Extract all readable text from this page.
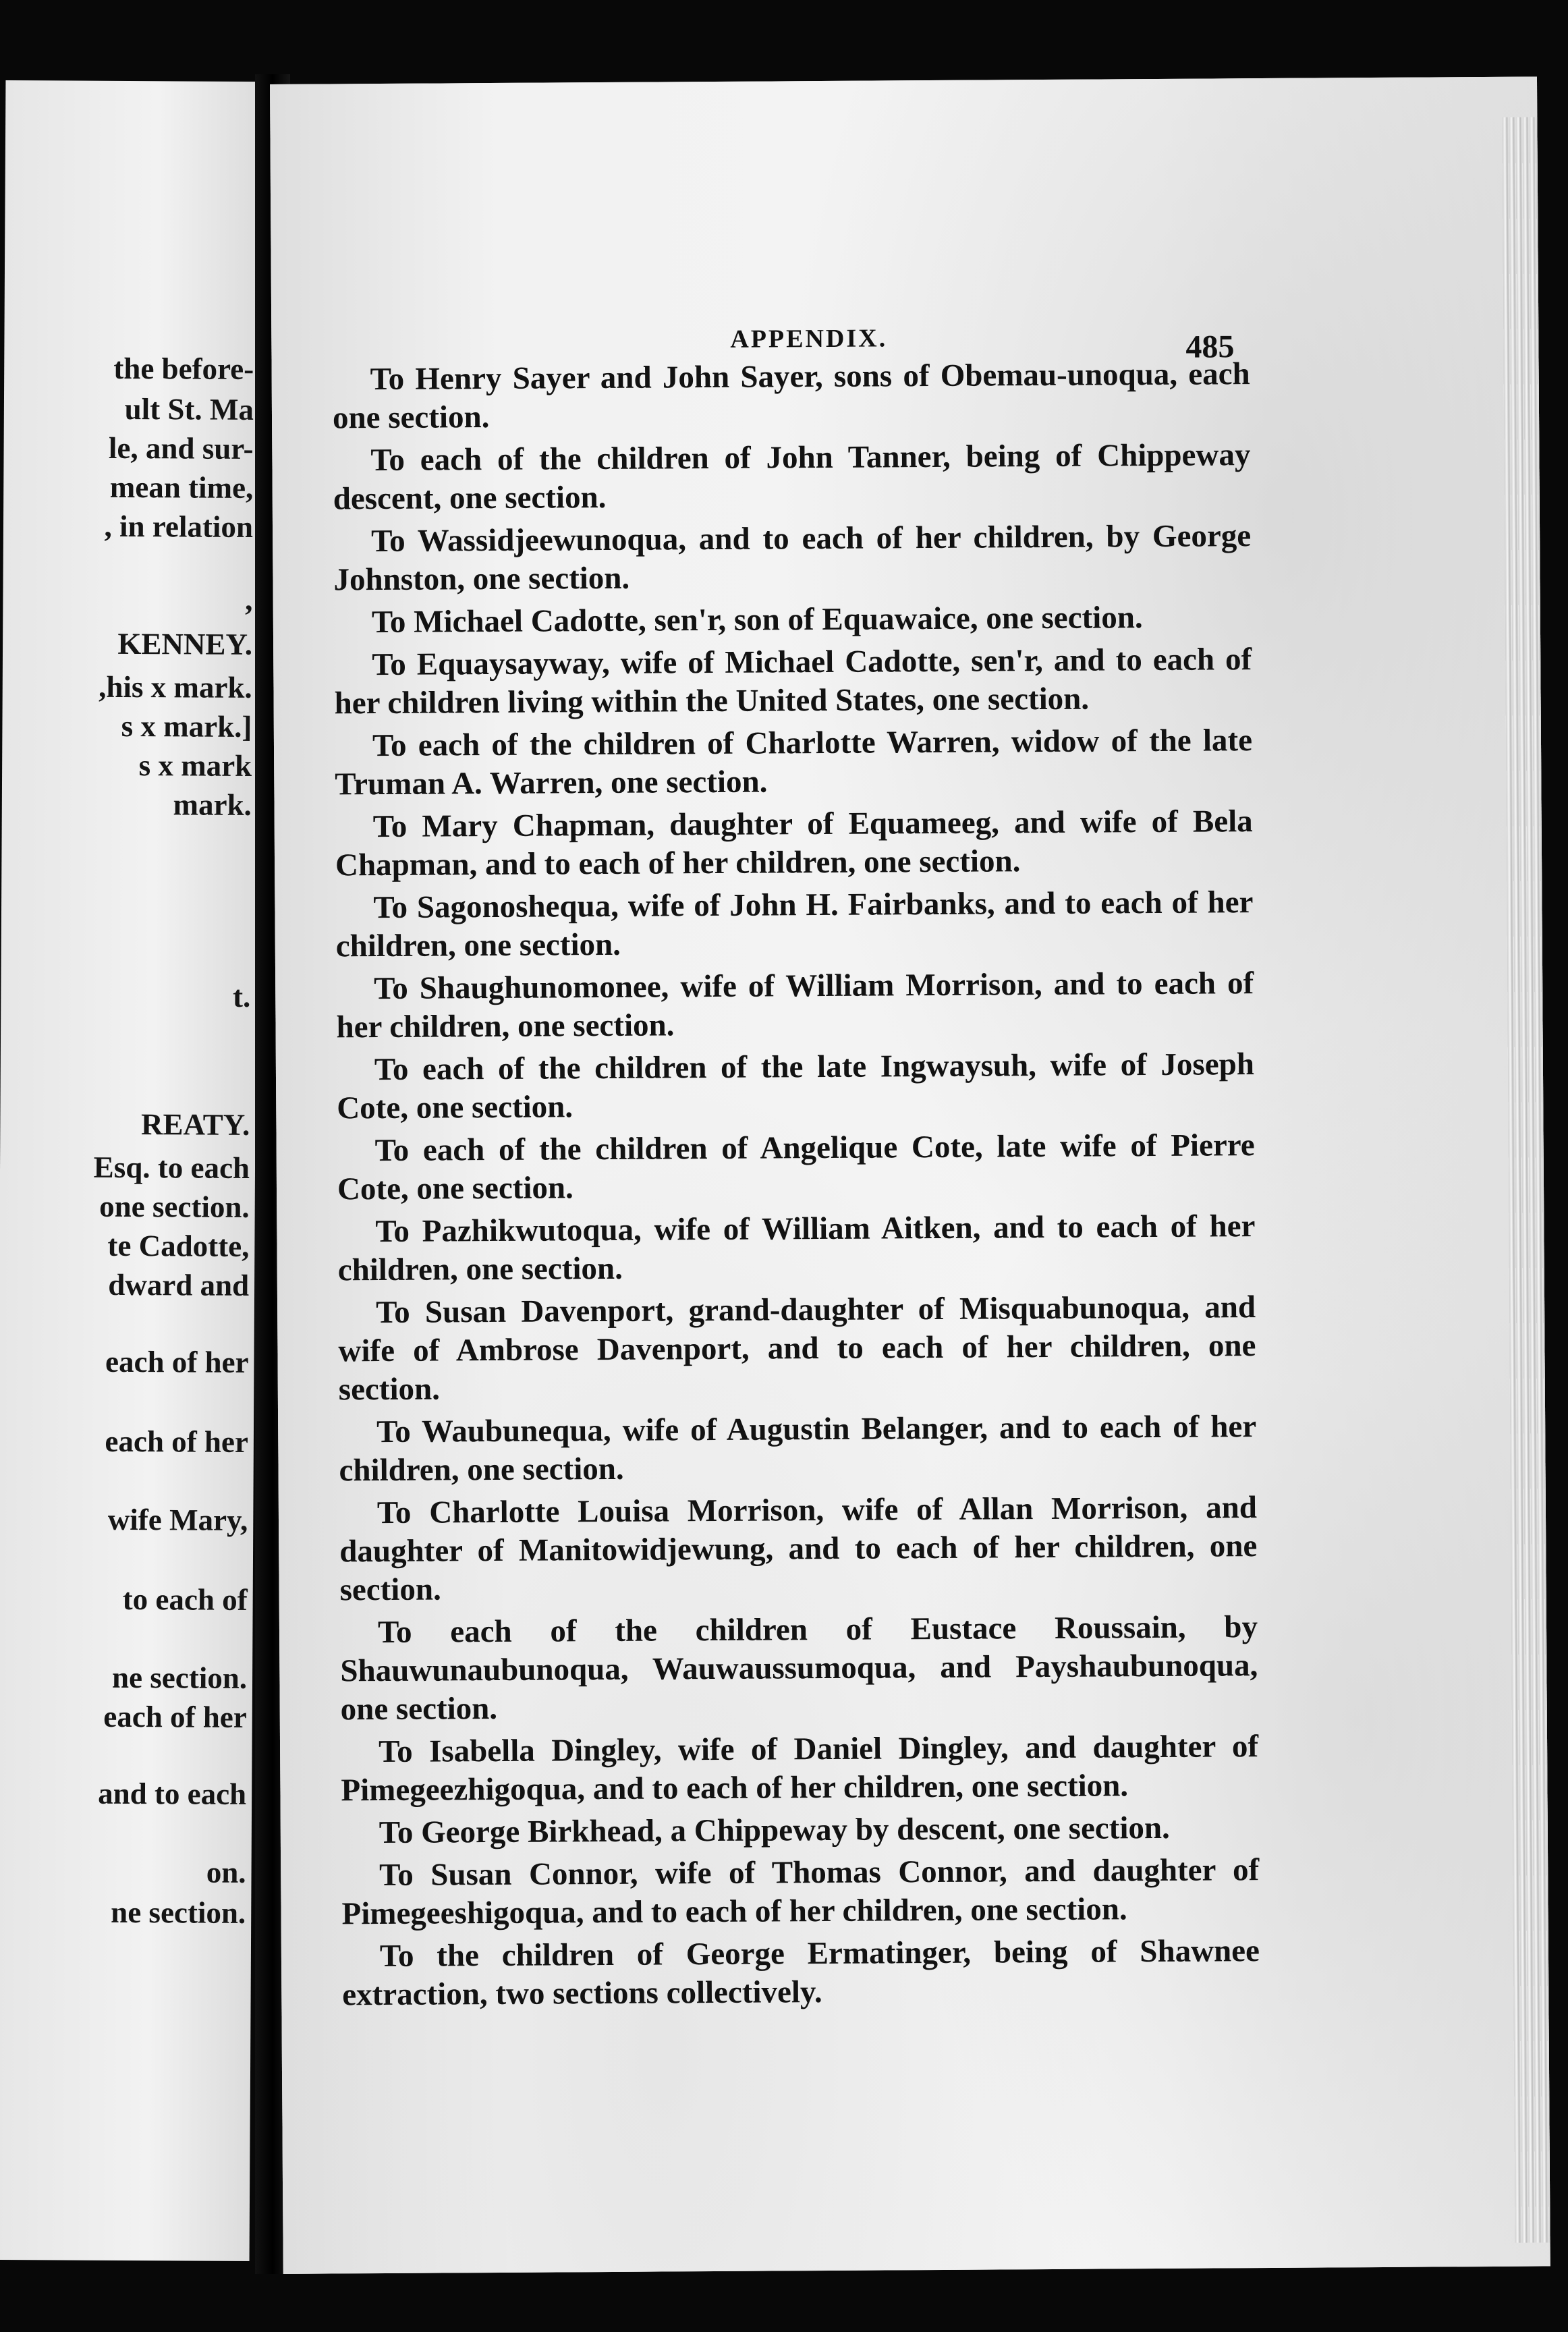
the before-

ult St. Ma

le, and sur-

mean time,

, in relation

,

KENNEY.

,his x mark.

s x mark.]

s x mark

mark.

t.

REATY.

Esq. to each

one section.

te Cadotte,

dward and

each of her

each of her

wife Mary,

to each of

ne section.

each of her

and to each

on.

ne section.

APPENDIX.	485

To Henry Sayer and John Sayer, sons of Obemau-unoqua, each one section.

To each of the children of John Tanner, being of Chippeway descent, one section.

To Wassidjeewunoqua, and to each of her children, by George Johnston, one section.

To Michael Cadotte, sen'r, son of Equawaice, one section.

To Equaysayway, wife of Michael Cadotte, sen'r, and to each of her children living within the United States, one section.

To each of the children of Charlotte Warren, widow of the late Truman A. Warren, one section.

To Mary Chapman, daughter of Equameeg, and wife of Bela Chapman, and to each of her children, one section.

To Sagonoshequa, wife of John H. Fairbanks, and to each of her children, one section.

To Shaughunomonee, wife of William Morrison, and to each of her children, one section.

To each of the children of the late Ingwaysuh, wife of Joseph Cote, one section.

To each of the children of Angelique Cote, late wife of Pierre Cote, one section.

To Pazhikwutoqua, wife of William Aitken, and to each of her children, one section.

To Susan Davenport, grand-daughter of Misquabunoqua, and wife of Ambrose Davenport, and to each of her children, one section.

To Waubunequa, wife of Augustin Belanger, and to each of her children, one section.

To Charlotte Louisa Morrison, wife of Allan Morrison, and daughter of Manitowidjewung, and to each of her children, one section.

To each of the children of Eustace Roussain, by Shauwunaubunoqua, Wauwaussumoqua, and Payshaubunoqua, one section.

To Isabella Dingley, wife of Daniel Dingley, and daughter of Pimegeezhigoqua, and to each of her children, one section.

To George Birkhead, a Chippeway by descent, one section.

To Susan Connor, wife of Thomas Connor, and daughter of Pimegeeshigoqua, and to each of her children, one section.

To the children of George Ermatinger, being of Shawnee extraction, two sections collectively.
